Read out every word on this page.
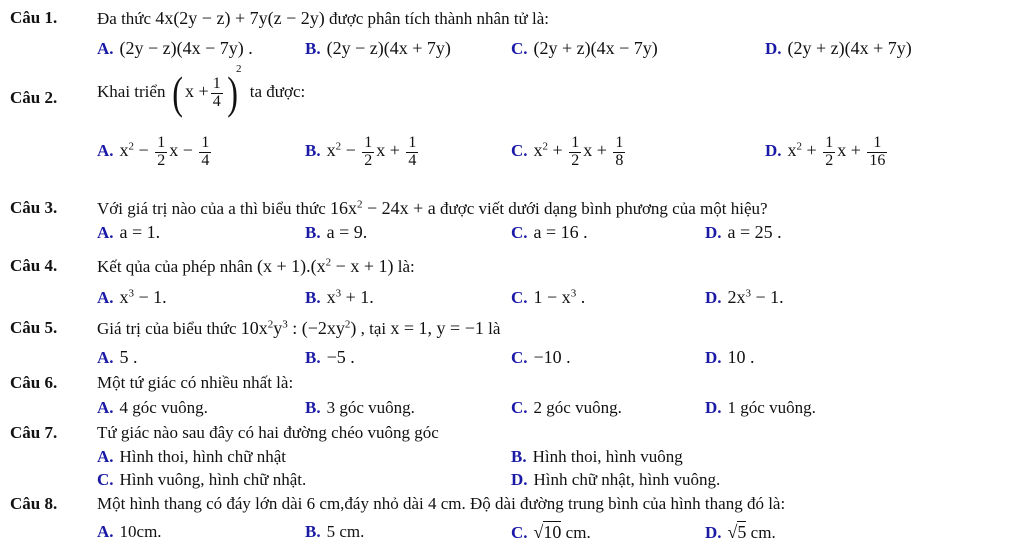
Câu 1. Đa thức 4x(2y − z) + 7y(z − 2y) được phân tích thành nhân tử là:
A. (2y − z)(4x − 7y) .	B. (2y − z)(4x + 7y)	C. (2y + z)(4x − 7y)	D. (2y + z)(4x + 7y)
Câu 2. Khai triển ( $x + \frac{1}{4} )^2$ ta được:
A. $x^2 - \frac{1}{2}$ $x - \frac{1}{4}$	B. $x^2 - \frac{1}{2}$ $x + \frac{1}{4}$	C. $x^2 + \frac{1}{2}$ $x + \frac{1}{8}$	D. $x^2 + \frac{1}{2}$ $x + \frac{1}{16}$
Câu 3. Với giá trị nào của a thì biểu thức $16x^2 - 24x + a$ được viết dưới dạng bình phương của một hiệu?
A. a = 1.	B. a = 9.	C. a = 16 .	D. a = 25 .
Câu 4. Kết qủa của phép nhân $(x + 1).(x^2 - x + 1)$ là:
A. $x^3 - 1$.	B. $x^3 + 1$.	C. $1 - x^3$ .	D. $2x^3 - 1$.
Câu 5. Giá trị của biểu thức $10x^2y^3$ : $(-2xy^2)$ , tại x = 1, y = −1 là
A. 5 .	B. −5 .	C. −10 .	D. 10 .
Câu 6. Một tứ giác có nhiều nhất là:
A. 4 góc vuông.	B. 3 góc vuông.	C. 2 góc vuông.	D. 1 góc vuông.
Câu 7. Tứ giác nào sau đây có hai đường chéo vuông góc
A. Hình thoi, hình chữ nhật	B. Hình thoi, hình vuông
C. Hình vuông, hình chữ nhật.	D. Hình chữ nhật, hình vuông.
Câu 8. Một hình thang có đáy lớn dài 6 cm,đáy nhỏ dài 4 cm. Độ dài đường trung bình của hình thang đó là:
A. 10cm.	B. 5 cm.	C. √10 cm.	D. √5 cm.
